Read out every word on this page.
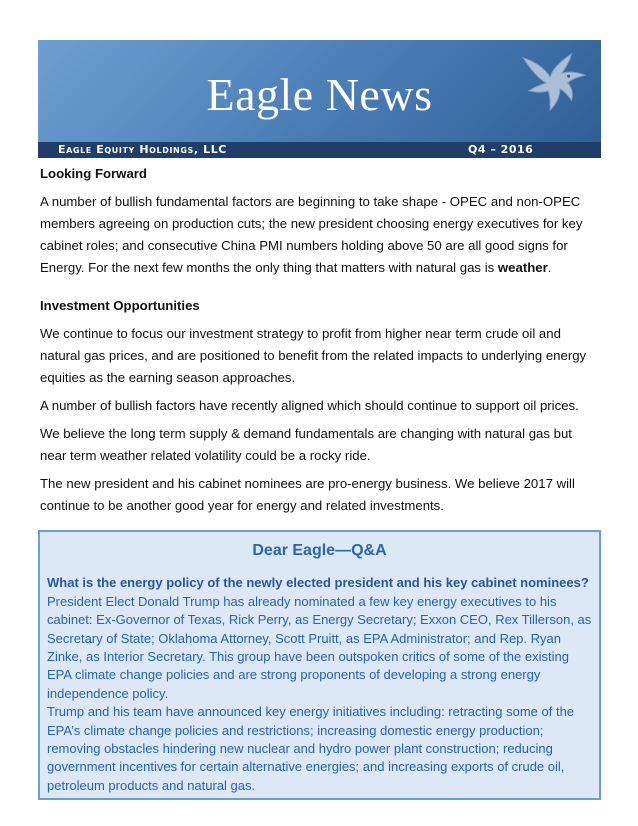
Eagle News
Eagle Equity Holdings, LLC	Q4 – 2016
Looking Forward
A number of bullish fundamental factors are beginning to take shape - OPEC and non-OPEC members agreeing on production cuts; the new president choosing energy executives for key cabinet roles; and consecutive China PMI numbers holding above 50 are all good signs for Energy. For the next few months the only thing that matters with natural gas is weather.
Investment Opportunities
We continue to focus our investment strategy to profit from higher near term crude oil and natural gas prices, and are positioned to benefit from the related impacts to underlying energy equities as the earning season approaches.
A number of bullish factors have recently aligned which should continue to support oil prices.
We believe the long term supply & demand fundamentals are changing with natural gas but near term weather related volatility could be a rocky ride.
The new president and his cabinet nominees are pro-energy business. We believe 2017 will continue to be another good year for energy and related investments.
Dear Eagle—Q&A
What is the energy policy of the newly elected president and his key cabinet nominees?
President Elect Donald Trump has already nominated a few key energy executives to his cabinet: Ex-Governor of Texas, Rick Perry, as Energy Secretary; Exxon CEO, Rex Tillerson, as Secretary of State; Oklahoma Attorney, Scott Pruitt, as EPA Administrator; and Rep. Ryan Zinke, as Interior Secretary. This group have been outspoken critics of some of the existing EPA climate change policies and are strong proponents of developing a strong energy independence policy.
Trump and his team have announced key energy initiatives including: retracting some of the EPA’s climate change policies and restrictions; increasing domestic energy production; removing obstacles hindering new nuclear and hydro power plant construction; reducing government incentives for certain alternative energies; and increasing exports of crude oil, petroleum products and natural gas.
